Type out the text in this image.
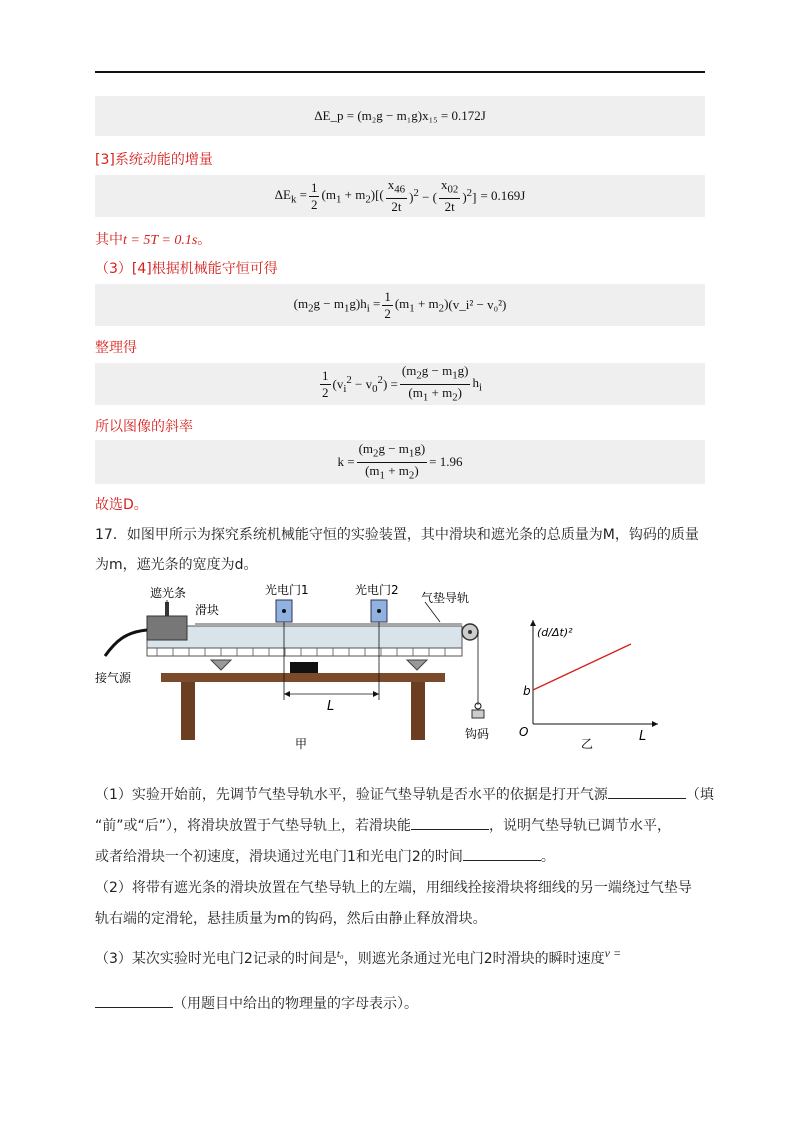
ΔE_p = (m₂g − m₁g)x₁₅ = 0.172J
[3]系统动能的增量
$\Delta E_k = \frac{1}{2} (m_1 + m_2)[( \frac{x_{46}}{2t} )^2$ − ( $\frac{x_{02}}{2t} )^2] = 0.169J$
其中t = 5T = 0.1s。
（3）[4]根据机械能守恒可得
$(m_2g - m_1g)h_i = \frac{1}{2} (m_1 + m_2)$ (v_i² − v₀²)
整理得
$\frac{1}{2} (v_i^2 - v_0^2) = \frac{(m_2g - m_1g)}{(m_1 + m_2)} h_i$
所以图像的斜率
$k = \frac{(m_2g - m_1g)}{(m_1 + m_2)} = 1.96$
故选D。
17．如图甲所示为探究系统机械能守恒的实验装置，其中滑块和遮光条的总质量为M，钩码的质量
为m，遮光条的宽度为d。
遮光条
滑块
光电门1	光电门2
气垫导轨
接气源
L
钩码
甲
(d/Δt)²
b
O	L
乙
（1）实验开始前，先调节气垫导轨水平，验证气垫导轨是否水平的依据是打开气源	（填
“前”或“后”），将滑块放置于气垫导轨上，若滑块能	，说明气垫导轨已调节水平，
或者给滑块一个初速度，滑块通过光电门1和光电门2的时间	。
（2）将带有遮光条的滑块放置在气垫导轨上的左端，用细线拴接滑块将细线的另一端绕过气垫导
轨右端的定滑轮，悬挂质量为m的钩码，然后由静止释放滑块。
（3）某次实验时光电门2记录的时间是$^{t_0}$，则遮光条通过光电门2时滑块的瞬时速度v =
（用题目中给出的物理量的字母表示）。
